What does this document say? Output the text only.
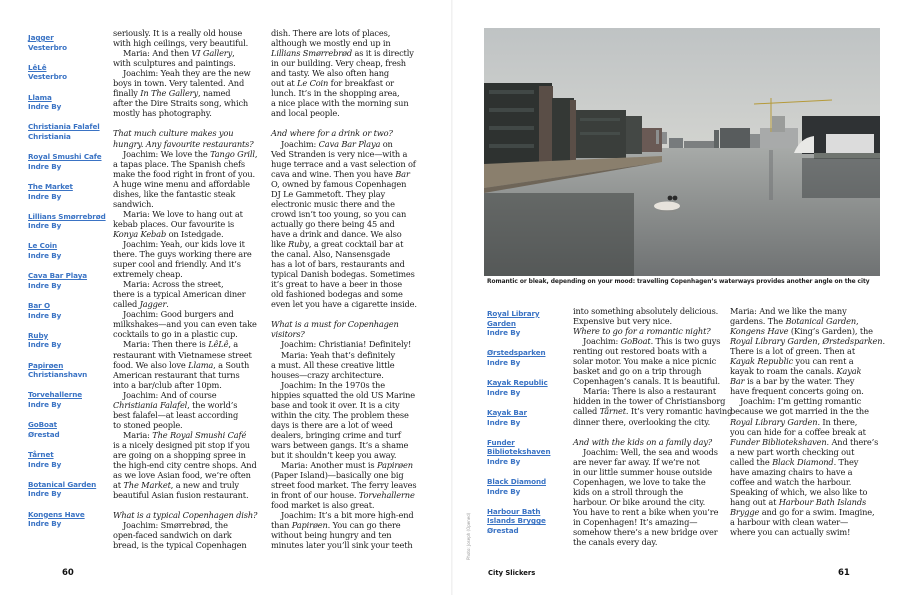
Jagger
Vesterbro
LêLê
Vesterbro
Llama
Indre By
Christiania Falafel
Christiania
Royal Smushi Cafe
Indre By
The Market
Indre By
Lillians Smørrebrød
Indre By
Le Coin
Indre By
Cava Bar Playa
Indre By
Bar O
Indre By
Ruby
Indre By
Papirøen
Christianshavn
Torvehallerne
Indre By
GoBoat
Ørestad
Tårnet
Indre By
Botanical Garden
Indre By
Kongens Have
Indre By
seriously. It is a really old house
with high ceilings, very beautiful.
Maria: And then VI Gallery,
with sculptures and paintings.
Joachim: Yeah they are the new
boys in town. Very talented. And
finally In The Gallery, named
after the Dire Straits song, which
mostly has photography.
That much culture makes you
hungry. Any favourite restaurants?
Joachim: We love the Tango Grill,
a tapas place. The Spanish chefs
make the food right in front of you.
A huge wine menu and affordable
dishes, like the fantastic steak
sandwich.
Maria: We love to hang out at
kebab places. Our favourite is
Konya Kebab on Istedgade.
Joachim: Yeah, our kids love it
there. The guys working there are
super cool and friendly. And it’s
extremely cheap.
Maria: Across the street,
there is a typical American diner
called Jagger.
Joachim: Good burgers and
milkshakes—and you can even take
cocktails to go in a plastic cup.
Maria: Then there is LêLê, a
restaurant with Vietnamese street
food. We also love Llama, a South
American restaurant that turns
into a bar/club after 10pm.
Joachim: And of course
Christiania Falafel, the world’s
best falafel—at least according
to stoned people.
Maria: The Royal Smushi Café
is a nicely designed pit stop if you
are going on a shopping spree in
the high-end city centre shops. And
as we love Asian food, we’re often
at The Market, a new and truly
beautiful Asian fusion restaurant.
What is a typical Copenhagen dish?
Joachim: Smørrebrød, the
open-faced sandwich on dark
bread, is the typical Copenhagen
dish. There are lots of places,
although we mostly end up in
Lillians Smørrebrød as it is directly
in our building. Very cheap, fresh
and tasty. We also often hang
out at Le Coin for breakfast or
lunch. It’s in the shopping area,
a nice place with the morning sun
and local people.
And where for a drink or two?
Joachim: Cava Bar Playa on
Ved Stranden is very nice—with a
huge terrace and a vast selection of
cava and wine. Then you have Bar
O, owned by famous Copenhagen
DJ Le Gammetoft. They play
electronic music there and the
crowd isn’t too young, so you can
actually go there being 45 and
have a drink and dance. We also
like Ruby, a great cocktail bar at
the canal. Also, Nansensgade
has a lot of bars, restaurants and
typical Danish bodegas. Sometimes
it’s great to have a beer in those
old fashioned bodegas and some
even let you have a cigarette inside.
What is a must for Copenhagen
visitors?
Joachim: Christiania! Definitely!
Maria: Yeah that’s definitely
a must. All these creative little
houses—crazy architecture.
Joachim: In the 1970s the
hippies squatted the old US Marine
base and took it over. It is a city
within the city. The problem these
days is there are a lot of weed
dealers, bringing crime and turf
wars between gangs. It’s a shame
but it shouldn’t keep you away.
Maria: Another must is Papirøen
(Paper Island)—basically one big
street food market. The ferry leaves
in front of our house. Torvehallerne
food market is also great.
Joachim: It’s a bit more high-end
than Papirøen. You can go there
without being hungry and ten
minutes later you’ll sink your teeth
60
Romantic or bleak, depending on your mood: travelling Copenhagen’s waterways provides another angle on the city
Photo: Joseph (Opened)
Royal Library
Garden
Indre By
Ørstedsparken
Indre By
Kayak Republic
Indre By
Kayak Bar
Indre By
Funder
Bibliotekshaven
Indre By
Black Diamond
Indre By
Harbour Bath
Islands Brygge
Ørestad
into something absolutely delicious.
Expensive but very nice.
Where to go for a romantic night?
Joachim: GoBoat. This is two guys
renting out restored boats with a
solar motor. You make a nice picnic
basket and go on a trip through
Copenhagen’s canals. It is beautiful.
Maria: There is also a restaurant
hidden in the tower of Christiansborg
called Tårnet. It’s very romantic having
dinner there, overlooking the city.
And with the kids on a family day?
Joachim: Well, the sea and woods
are never far away. If we’re not
in our little summer house outside
Copenhagen, we love to take the
kids on a stroll through the
harbour. Or bike around the city.
You have to rent a bike when you’re
in Copenhagen! It’s amazing—
somehow there’s a new bridge over
the canals every day.
Maria: And we like the many
gardens. The Botanical Garden,
Kongens Have (King’s Garden), the
Royal Library Garden, Ørstedsparken.
There is a lot of green. Then at
Kayak Republic you can rent a
kayak to roam the canals. Kayak
Bar is a bar by the water. They
have frequent concerts going on.
Joachim: I’m getting romantic
because we got married in the the
Royal Library Garden. In there,
you can hide for a coffee break at
Funder Bibliotekshaven. And there’s
a new part worth checking out
called the Black Diamond. They
have amazing chairs to have a
coffee and watch the harbour.
Speaking of which, we also like to
hang out at Harbour Bath Islands
Brygge and go for a swim. Imagine,
a harbour with clean water—
where you can actually swim!
City Slickers	61
